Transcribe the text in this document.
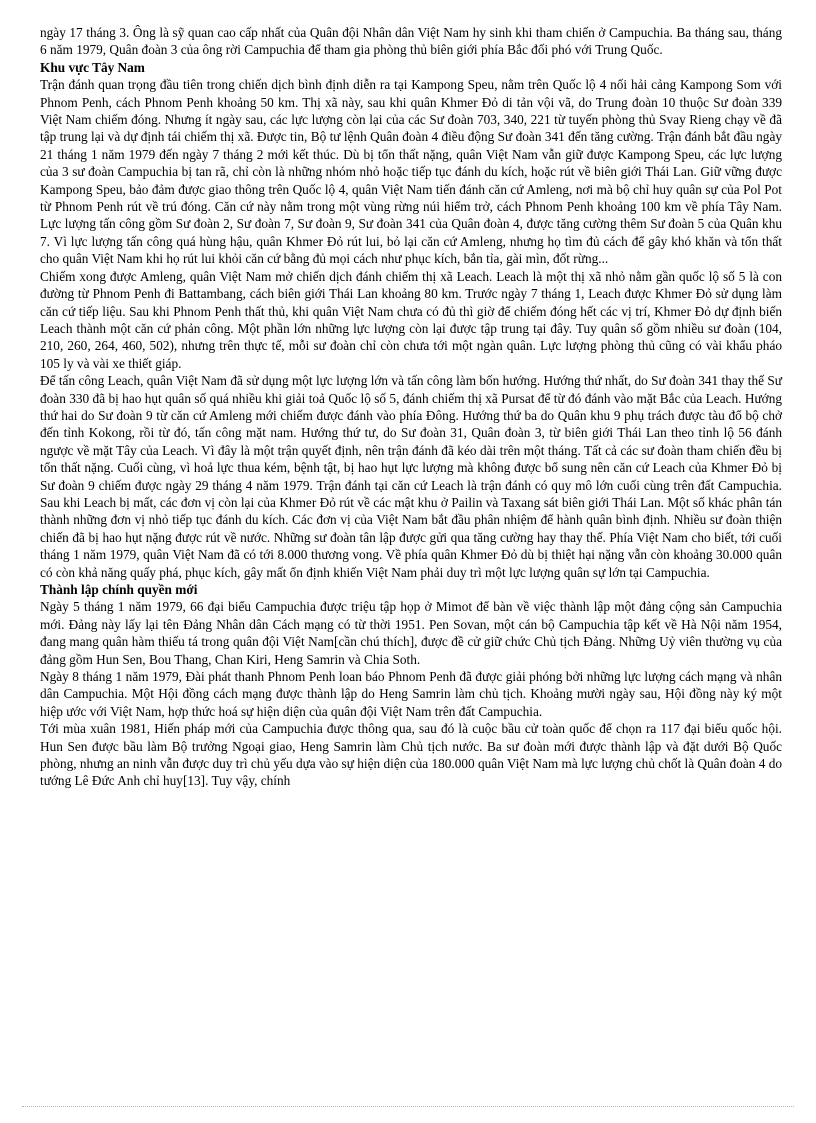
ngày 17 tháng 3. Ông là sỹ quan cao cấp nhất của Quân đội Nhân dân Việt Nam hy sinh khi tham chiến ở Campuchia. Ba tháng sau, tháng 6 năm 1979, Quân đoàn 3 của ông rời Campuchia để tham gia phòng thủ biên giới phía Bắc đối phó với Trung Quốc.

Khu vực Tây Nam

Trận đánh quan trọng đầu tiên trong chiến dịch bình định diễn ra tại Kampong Speu, nằm trên Quốc lộ 4 nối hải cảng Kampong Som với Phnom Penh, cách Phnom Penh khoảng 50 km. Thị xã này, sau khi quân Khmer Đỏ di tản vội vã, do Trung đoàn 10 thuộc Sư đoàn 339 Việt Nam chiếm đóng. Nhưng ít ngày sau, các lực lượng còn lại của các Sư đoàn 703, 340, 221 từ tuyến phòng thủ Svay Rieng chạy về đã tập trung lại và dự định tái chiếm thị xã. Được tin, Bộ tư lệnh Quân đoàn 4 điều động Sư đoàn 341 đến tăng cường. Trận đánh bắt đầu ngày 21 tháng 1 năm 1979 đến ngày 7 tháng 2 mới kết thúc. Dù bị tổn thất nặng, quân Việt Nam vẫn giữ được Kampong Speu, các lực lượng của 3 sư đoàn Campuchia bị tan rã, chỉ còn là những nhóm nhỏ hoặc tiếp tục đánh du kích, hoặc rút về biên giới Thái Lan. Giữ vững được Kampong Speu, bảo đảm được giao thông trên Quốc lộ 4, quân Việt Nam tiến đánh căn cứ Amleng, nơi mà bộ chỉ huy quân sự của Pol Pot từ Phnom Penh rút về trú đóng. Căn cứ này nằm trong một vùng rừng núi hiểm trở, cách Phnom Penh khoảng 100 km về phía Tây Nam. Lực lượng tấn công gồm Sư đoàn 2, Sư đoàn 7, Sư đoàn 9, Sư đoàn 341 của Quân đoàn 4, được tăng cường thêm Sư đoàn 5 của Quân khu 7. Vì lực lượng tấn công quá hùng hậu, quân Khmer Đỏ rút lui, bỏ lại căn cứ Amleng, nhưng họ tìm đủ cách để gây khó khăn và tổn thất cho quân Việt Nam khi họ rút lui khỏi căn cứ bằng đủ mọi cách như phục kích, bắn tỉa, gài mìn, đốt rừng...

Chiếm xong được Amleng, quân Việt Nam mở chiến dịch đánh chiếm thị xã Leach. Leach là một thị xã nhỏ nằm gần quốc lộ số 5 là con đường từ Phnom Penh đi Battambang, cách biên giới Thái Lan khoảng 80 km. Trước ngày 7 tháng 1, Leach được Khmer Đỏ sử dụng làm căn cứ tiếp liệu. Sau khi Phnom Penh thất thủ, khi quân Việt Nam chưa có đủ thì giờ để chiếm đóng hết các vị trí, Khmer Đỏ dự định biến Leach thành một căn cứ phản công. Một phần lớn những lực lượng còn lại được tập trung tại đây. Tuy quân số gồm nhiều sư đoàn (104, 210, 260, 264, 460, 502), nhưng trên thực tế, mỗi sư đoàn chỉ còn chưa tới một ngàn quân. Lực lượng phòng thủ cũng có vài khẩu pháo 105 ly và vài xe thiết giáp.

Để tấn công Leach, quân Việt Nam đã sử dụng một lực lượng lớn và tấn công làm bốn hướng. Hướng thứ nhất, do Sư đoàn 341 thay thế Sư đoàn 330 đã bị hao hụt quân số quá nhiều khi giải toả Quốc lộ số 5, đánh chiếm thị xã Pursat để từ đó đánh vào mặt Bắc của Leach. Hướng thứ hai do Sư đoàn 9 từ căn cứ Amleng mới chiếm được đánh vào phía Đông. Hướng thứ ba do Quân khu 9 phụ trách được tàu đổ bộ chở đến tỉnh Kokong, rồi từ đó, tấn công mặt nam. Hướng thứ tư, do Sư đoàn 31, Quân đoàn 3, từ biên giới Thái Lan theo tỉnh lộ 56 đánh ngược về mặt Tây của Leach. Vì đây là một trận quyết định, nên trận đánh đã kéo dài trên một tháng. Tất cả các sư đoàn tham chiến đều bị tổn thất nặng. Cuối cùng, vì hoả lực thua kém, bệnh tật, bị hao hụt lực lượng mà không được bổ sung nên căn cứ Leach của Khmer Đỏ bị Sư đoàn 9 chiếm được ngày 29 tháng 4 năm 1979. Trận đánh tại căn cứ Leach là trận đánh có quy mô lớn cuối cùng trên đất Campuchia. Sau khi Leach bị mất, các đơn vị còn lại của Khmer Đỏ rút về các mật khu ở Pailin và Taxang sát biên giới Thái Lan. Một số khác phân tán thành những đơn vị nhỏ tiếp tục đánh du kích. Các đơn vị của Việt Nam bắt đầu phân nhiệm để hành quân bình định. Nhiều sư đoàn thiện chiến đã bị hao hụt nặng được rút về nước. Những sư đoàn tân lập được gửi qua tăng cường hay thay thế. Phía Việt Nam cho biết, tới cuối tháng 1 năm 1979, quân Việt Nam đã có tới 8.000 thương vong. Về phía quân Khmer Đỏ dù bị thiệt hại nặng vẫn còn khoảng 30.000 quân có còn khả năng quấy phá, phục kích, gây mất ổn định khiến Việt Nam phải duy trì một lực lượng quân sự lớn tại Campuchia.

Thành lập chính quyền mới

Ngày 5 tháng 1 năm 1979, 66 đại biểu Campuchia được triệu tập họp ở Mimot để bàn về việc thành lập một đảng cộng sản Campuchia mới. Đảng này lấy lại tên Đảng Nhân dân Cách mạng có từ thời 1951. Pen Sovan, một cán bộ Campuchia tập kết về Hà Nội năm 1954, đang mang quân hàm thiếu tá trong quân đội Việt Nam[cần chú thích], được đề cử giữ chức Chủ tịch Đảng. Những Uỷ viên thường vụ của đảng gồm Hun Sen, Bou Thang, Chan Kiri, Heng Samrin và Chia Soth.

Ngày 8 tháng 1 năm 1979, Đài phát thanh Phnom Penh loan báo Phnom Penh đã được giải phóng bởi những lực lượng cách mạng và nhân dân Campuchia. Một Hội đồng cách mạng được thành lập do Heng Samrin làm chủ tịch. Khoảng mười ngày sau, Hội đồng này ký một hiệp ước với Việt Nam, hợp thức hoá sự hiện diện của quân đội Việt Nam trên đất Campuchia.

Tới mùa xuân 1981, Hiến pháp mới của Campuchia được thông qua, sau đó là cuộc bầu cử toàn quốc để chọn ra 117 đại biểu quốc hội. Hun Sen được bầu làm Bộ trưởng Ngoại giao, Heng Samrin làm Chủ tịch nước. Ba sư đoàn mới được thành lập và đặt dưới Bộ Quốc phòng, nhưng an ninh vẫn được duy trì chủ yếu dựa vào sự hiện diện của 180.000 quân Việt Nam mà lực lượng chủ chốt là Quân đoàn 4 do tướng Lê Đức Anh chỉ huy[13]. Tuy vậy, chính
